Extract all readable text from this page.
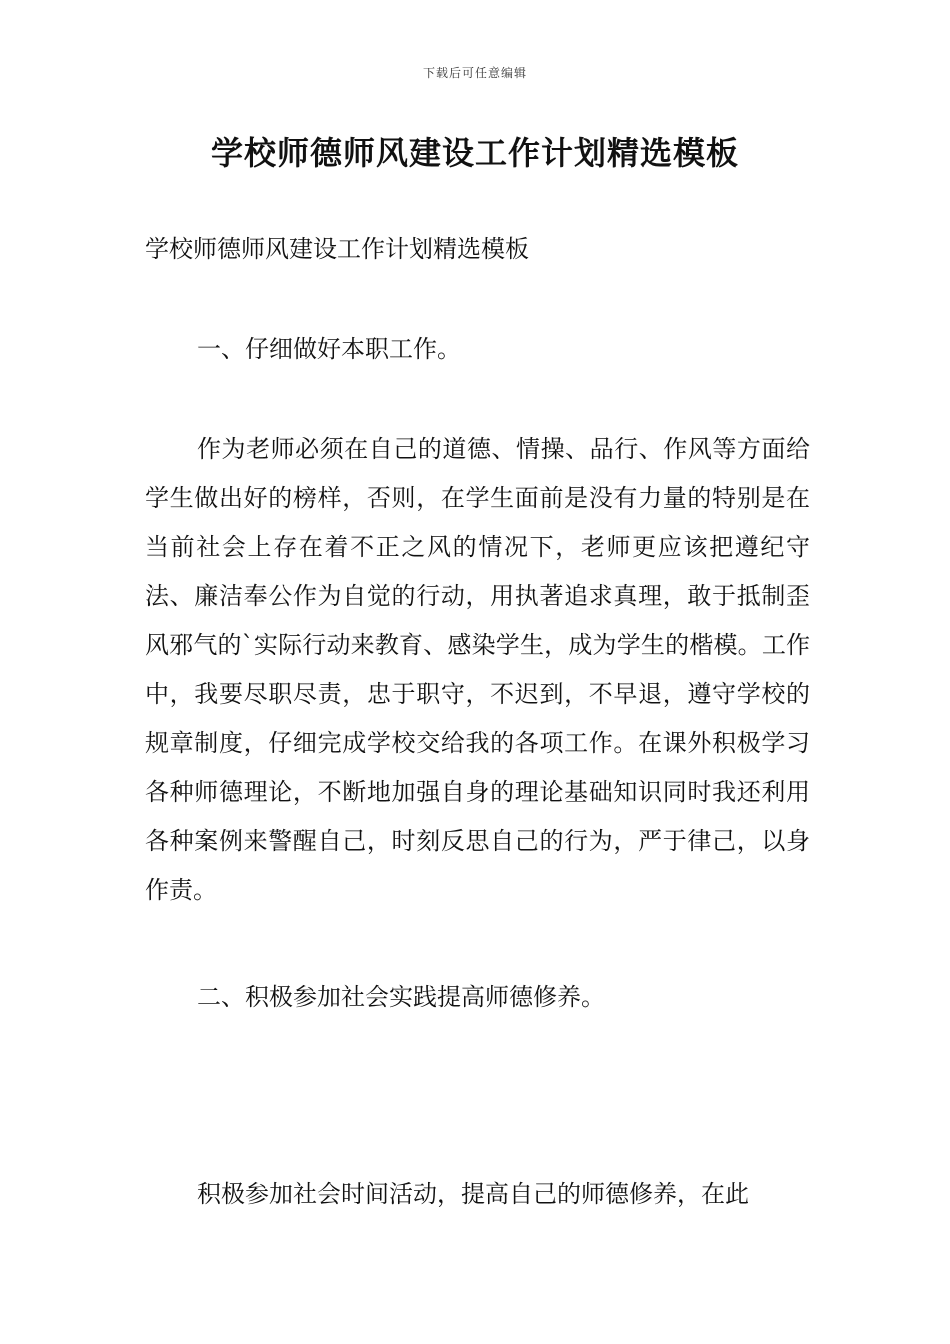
下载后可任意编辑
学校师德师风建设工作计划精选模板

学校师德师风建设工作计划精选模板

一、仔细做好本职工作。

作为老师必须在自己的道德、情操、品行、作风等方面给学生做出好的榜样，否则，在学生面前是没有力量的特别是在当前社会上存在着不正之风的情况下，老师更应该把遵纪守法、廉洁奉公作为自觉的行动，用执著追求真理，敢于抵制歪风邪气的`实际行动来教育、感染学生，成为学生的楷模。工作中，我要尽职尽责，忠于职守，不迟到，不早退，遵守学校的规章制度，仔细完成学校交给我的各项工作。在课外积极学习各种师德理论，不断地加强自身的理论基础知识同时我还利用各种案例来警醒自己，时刻反思自己的行为，严于律己，以身作责。

二、积极参加社会实践提高师德修养。

积极参加社会时间活动，提高自己的师德修养，在此
